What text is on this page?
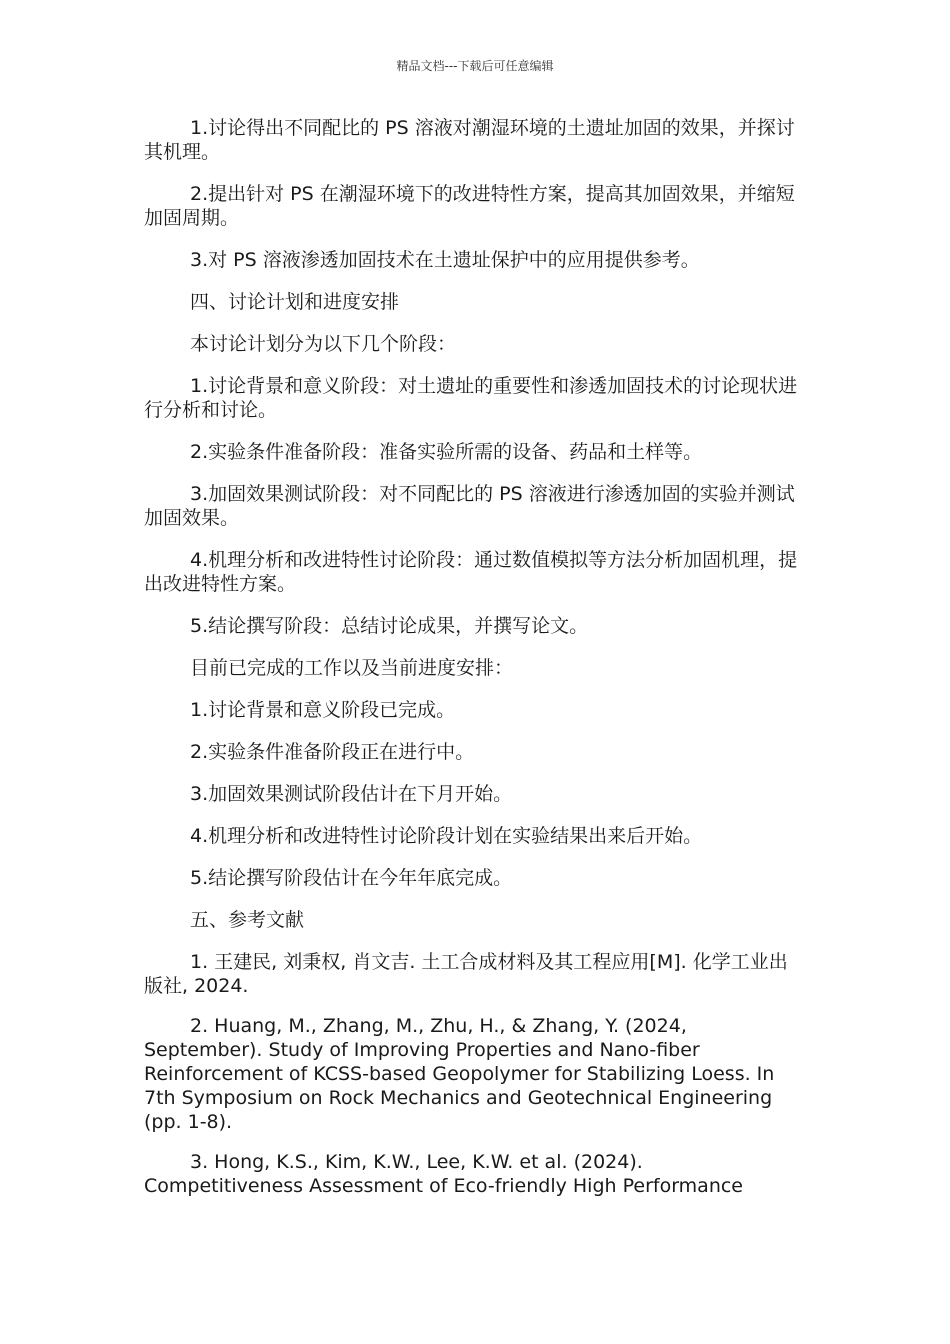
精品文档---下载后可任意编辑

1.讨论得出不同配比的 PS 溶液对潮湿环境的土遗址加固的效果，并探讨其机理。

2.提出针对 PS 在潮湿环境下的改进特性方案，提高其加固效果，并缩短加固周期。

3.对 PS 溶液渗透加固技术在土遗址保护中的应用提供参考。

四、讨论计划和进度安排

本讨论计划分为以下几个阶段：

1.讨论背景和意义阶段：对土遗址的重要性和渗透加固技术的讨论现状进行分析和讨论。

2.实验条件准备阶段：准备实验所需的设备、药品和土样等。

3.加固效果测试阶段：对不同配比的 PS 溶液进行渗透加固的实验并测试加固效果。

4.机理分析和改进特性讨论阶段：通过数值模拟等方法分析加固机理，提出改进特性方案。

5.结论撰写阶段：总结讨论成果，并撰写论文。

目前已完成的工作以及当前进度安排：

1.讨论背景和意义阶段已完成。

2.实验条件准备阶段正在进行中。

3.加固效果测试阶段估计在下月开始。

4.机理分析和改进特性讨论阶段计划在实验结果出来后开始。

5.结论撰写阶段估计在今年年底完成。

五、参考文献

1. 王建民, 刘秉权, 肖文吉. 土工合成材料及其工程应用[M]. 化学工业出版社, 2024.

2. Huang, M., Zhang, M., Zhu, H., & Zhang, Y. (2024, September). Study of Improving Properties and Nano-fiber Reinforcement of KCSS-based Geopolymer for Stabilizing Loess. In 7th Symposium on Rock Mechanics and Geotechnical Engineering (pp. 1-8).

3. Hong, K.S., Kim, K.W., Lee, K.W. et al. (2024). Competitiveness Assessment of Eco-friendly High Performance
